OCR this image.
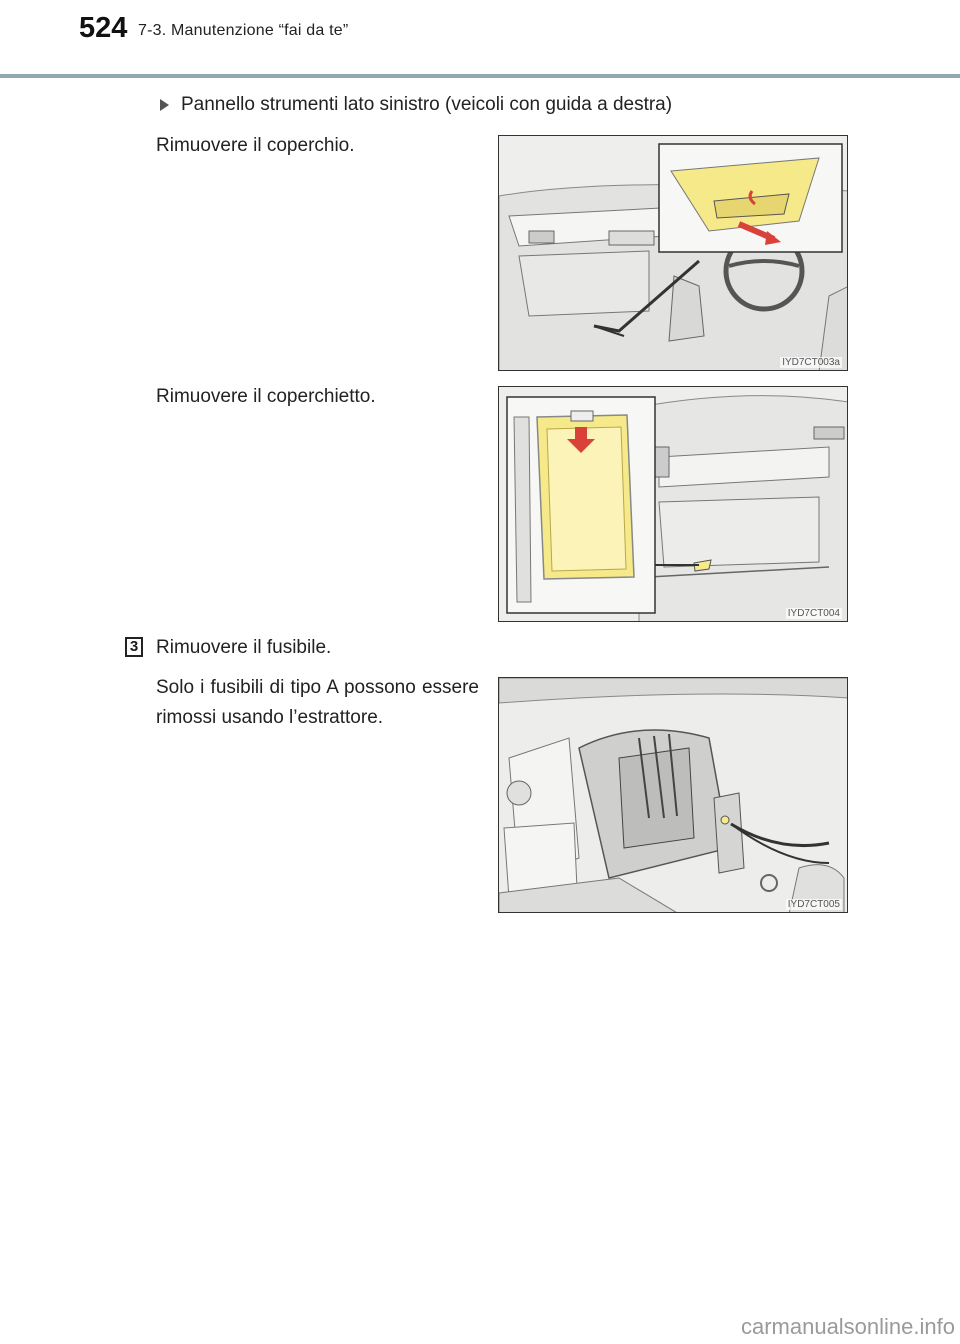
524 7-3. Manutenzione “fai da te”
Pannello strumenti lato sinistro (veicoli con guida a destra)
Rimuovere il coperchio.
Rimuovere il coperchietto.
3 Rimuovere il fusibile.
Solo i fusibili di tipo A possono essere rimossi usando l’estrattore.
IYD7CT003a
IYD7CT004
IYD7CT005
carmanualsonline.info
